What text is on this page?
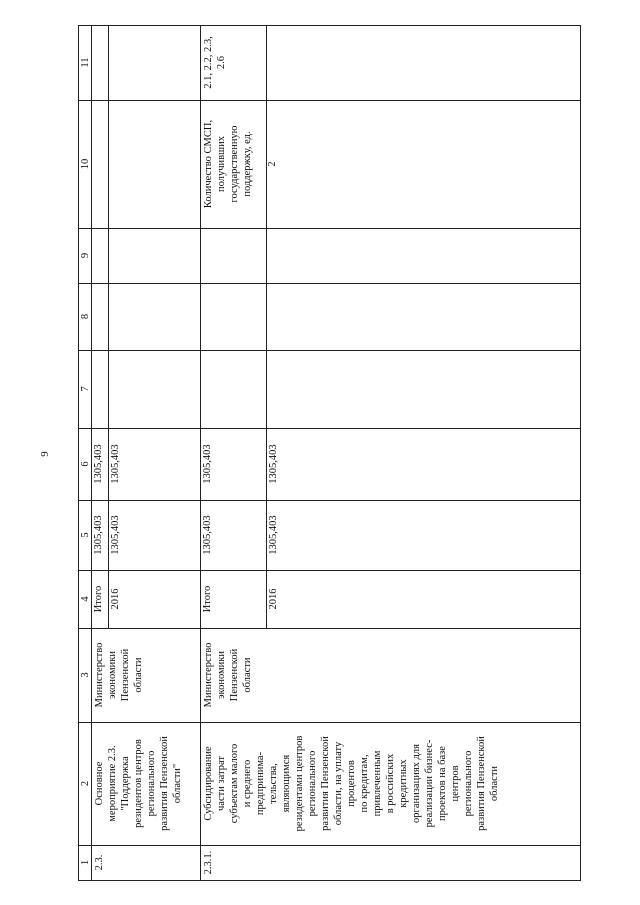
9
1
2
3
4
5
6
7
8
9
10
11
2.3.
Основное
мероприятие 2.3.
"Поддержка
резидентов центров
регионального
развития Пензенской
области"
Министерство
экономики
Пензенской
области
Итого
1305,403
1305,403
2016
1305,403
1305,403
2.3.1.
Субсидирование
части затрат
субъектам малого
и среднего
предпринима-
тельства,
являющимся
резидентами центров
регионального
развития Пензенской
области, на уплату
процентов
по кредитам,
привлеченным
в российских
кредитных
организациях для
реализации бизнес-
проектов на базе
центров
регионального
развития Пензенской
области
Министерство
экономики
Пензенской
области
Итого
1305,403
1305,403
2016
1305,403
1305,403
Количество СМСП,
получивших
государственную
поддержку, ед.
2
2.1, 2.2, 2.3,
2.6
